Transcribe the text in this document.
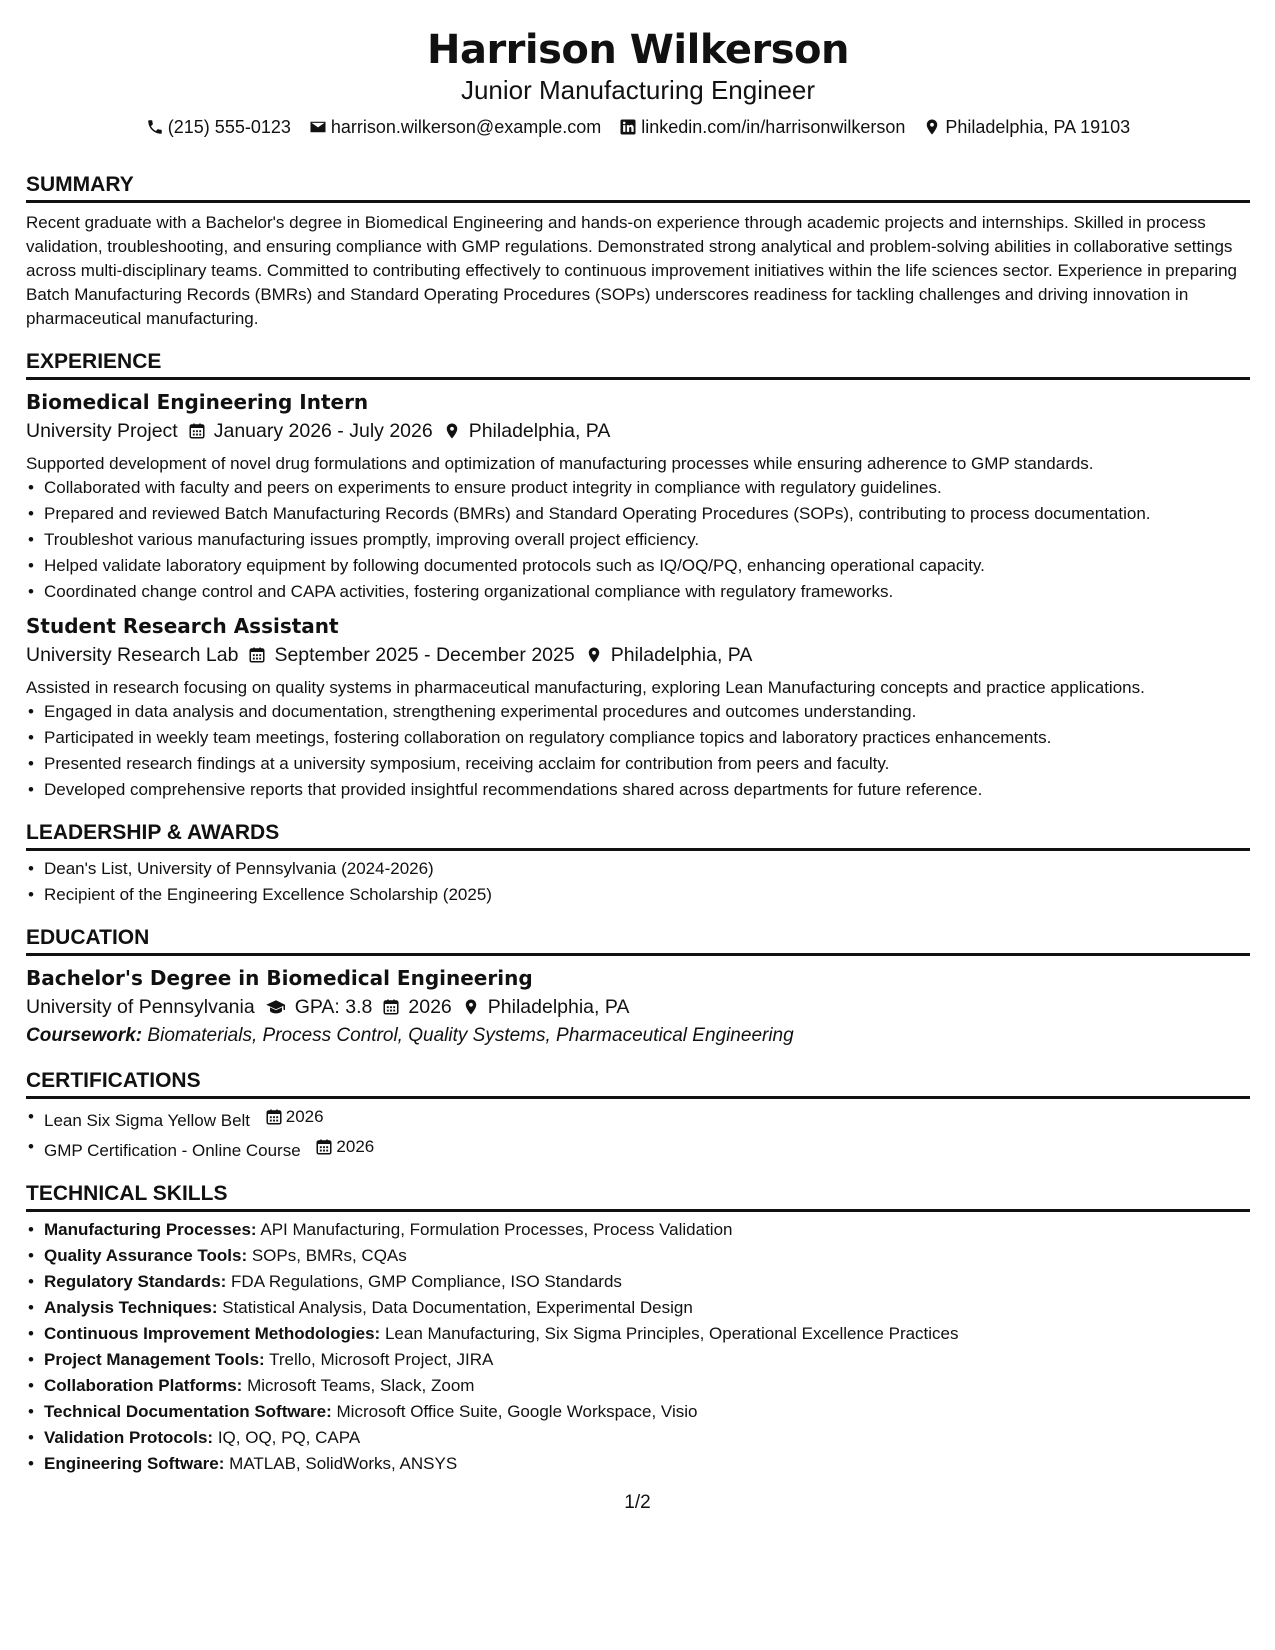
Harrison Wilkerson
Junior Manufacturing Engineer
(215) 555-0123 harrison.wilkerson@example.com linkedin.com/in/harrisonwilkerson Philadelphia, PA 19103
SUMMARY
Recent graduate with a Bachelor's degree in Biomedical Engineering and hands-on experience through academic projects and internships. Skilled in process validation, troubleshooting, and ensuring compliance with GMP regulations. Demonstrated strong analytical and problem-solving abilities in collaborative settings across multi-disciplinary teams. Committed to contributing effectively to continuous improvement initiatives within the life sciences sector. Experience in preparing Batch Manufacturing Records (BMRs) and Standard Operating Procedures (SOPs) underscores readiness for tackling challenges and driving innovation in pharmaceutical manufacturing.
EXPERIENCE
Biomedical Engineering Intern
University Project January 2026 - July 2026 Philadelphia, PA
Supported development of novel drug formulations and optimization of manufacturing processes while ensuring adherence to GMP standards.
• Collaborated with faculty and peers on experiments to ensure product integrity in compliance with regulatory guidelines.
• Prepared and reviewed Batch Manufacturing Records (BMRs) and Standard Operating Procedures (SOPs), contributing to process documentation.
• Troubleshot various manufacturing issues promptly, improving overall project efficiency.
• Helped validate laboratory equipment by following documented protocols such as IQ/OQ/PQ, enhancing operational capacity.
• Coordinated change control and CAPA activities, fostering organizational compliance with regulatory frameworks.
Student Research Assistant
University Research Lab September 2025 - December 2025 Philadelphia, PA
Assisted in research focusing on quality systems in pharmaceutical manufacturing, exploring Lean Manufacturing concepts and practice applications.
• Engaged in data analysis and documentation, strengthening experimental procedures and outcomes understanding.
• Participated in weekly team meetings, fostering collaboration on regulatory compliance topics and laboratory practices enhancements.
• Presented research findings at a university symposium, receiving acclaim for contribution from peers and faculty.
• Developed comprehensive reports that provided insightful recommendations shared across departments for future reference.
LEADERSHIP & AWARDS
• Dean's List, University of Pennsylvania (2024-2026)
• Recipient of the Engineering Excellence Scholarship (2025)
EDUCATION
Bachelor's Degree in Biomedical Engineering
University of Pennsylvania GPA: 3.8 2026 Philadelphia, PA
Coursework: Biomaterials, Process Control, Quality Systems, Pharmaceutical Engineering
CERTIFICATIONS
• Lean Six Sigma Yellow Belt 2026
• GMP Certification - Online Course 2026
TECHNICAL SKILLS
• Manufacturing Processes: API Manufacturing, Formulation Processes, Process Validation
• Quality Assurance Tools: SOPs, BMRs, CQAs
• Regulatory Standards: FDA Regulations, GMP Compliance, ISO Standards
• Analysis Techniques: Statistical Analysis, Data Documentation, Experimental Design
• Continuous Improvement Methodologies: Lean Manufacturing, Six Sigma Principles, Operational Excellence Practices
• Project Management Tools: Trello, Microsoft Project, JIRA
• Collaboration Platforms: Microsoft Teams, Slack, Zoom
• Technical Documentation Software: Microsoft Office Suite, Google Workspace, Visio
• Validation Protocols: IQ, OQ, PQ, CAPA
• Engineering Software: MATLAB, SolidWorks, ANSYS
1/2
